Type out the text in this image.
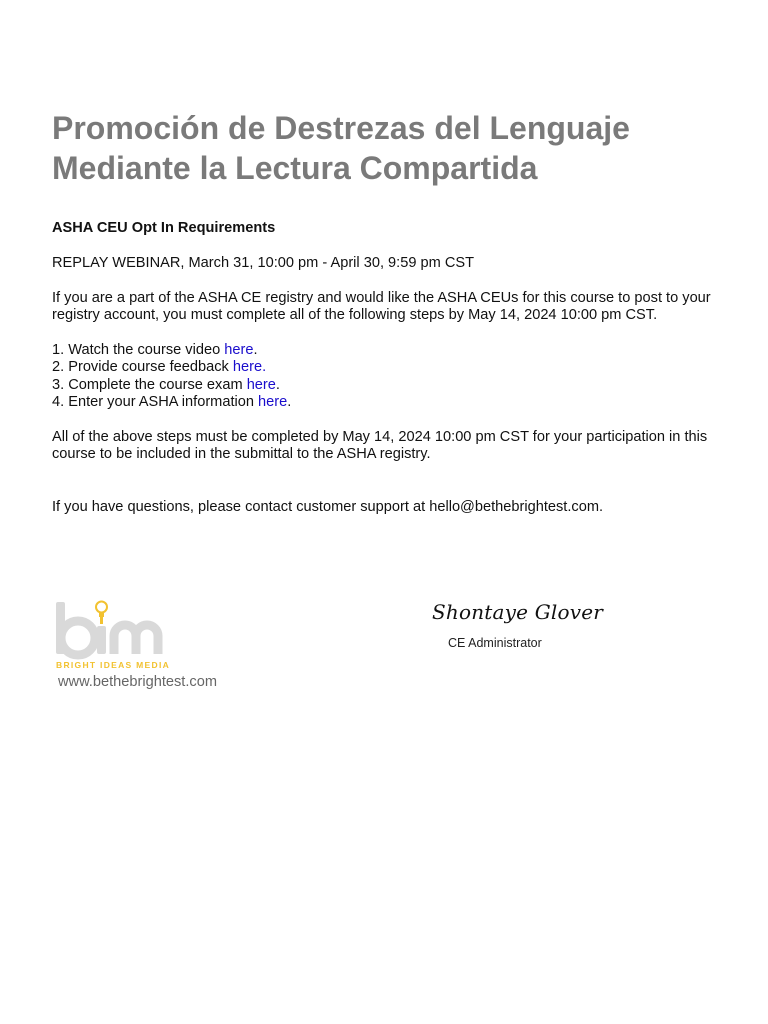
Promoción de Destrezas del Lenguaje
Mediante la Lectura Compartida

ASHA CEU Opt In Requirements

REPLAY WEBINAR, March 31, 10:00 pm - April 30, 9:59 pm CST

If you are a part of the ASHA CE registry and would like the ASHA CEUs for this course to post to your registry account, you must complete all of the following steps by May 14, 2024 10:00 pm CST.

1. Watch the course video here.
2. Provide course feedback here.
3. Complete the course exam here.
4. Enter your ASHA information here.

All of the above steps must be completed by May 14, 2024 10:00 pm CST for your participation in this course to be included in the submittal to the ASHA registry.

If you have questions, please contact customer support at hello@bethebrightest.com.

BRIGHT IDEAS MEDIA
www.bethebrightest.com
Shontaye Glover
CE Administrator
